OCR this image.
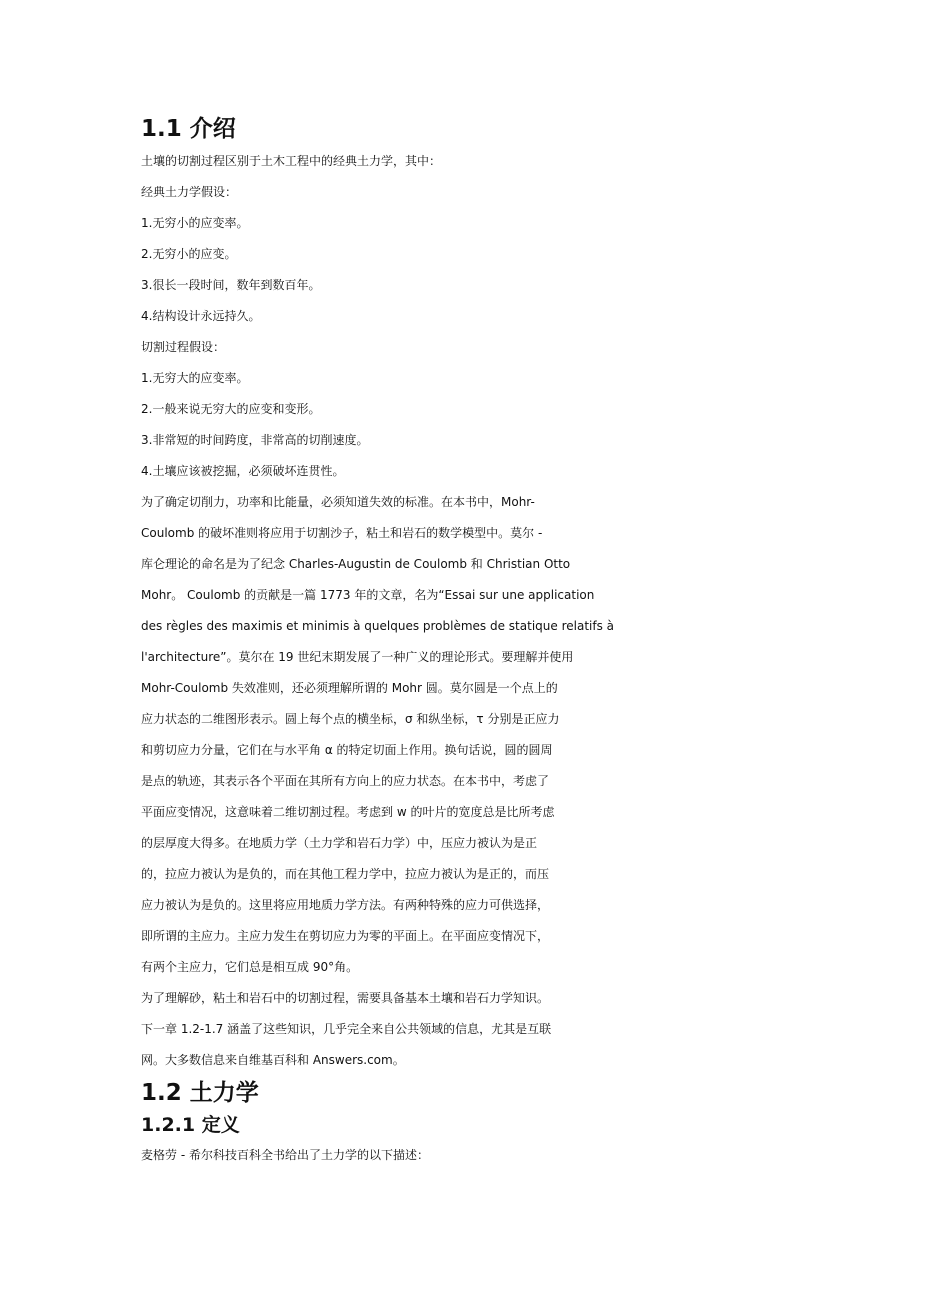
1.1 介绍

土壤的切割过程区别于土木工程中的经典土力学，其中：

经典土力学假设：

1.无穷小的应变率。

2.无穷小的应变。

3.很长一段时间，数年到数百年。

4.结构设计永远持久。

切割过程假设：

1.无穷大的应变率。

2.一般来说无穷大的应变和变形。

3.非常短的时间跨度，非常高的切削速度。

4.土壤应该被挖掘，必须破坏连贯性。

为了确定切削力，功率和比能量，必须知道失效的标准。在本书中，Mohr-

Coulomb 的破坏准则将应用于切割沙子，粘土和岩石的数学模型中。莫尔 -

库仑理论的命名是为了纪念 Charles-Augustin de Coulomb 和 Christian Otto

Mohr。 Coulomb 的贡献是一篇 1773 年的文章，名为“Essai sur une application

des règles des maximis et minimis à quelques problèmes de statique relatifs à

l'architecture”。莫尔在 19 世纪末期发展了一种广义的理论形式。要理解并使用

Mohr-Coulomb 失效准则，还必须理解所谓的 Mohr 圆。莫尔圆是一个点上的

应力状态的二维图形表示。圆上每个点的横坐标，σ 和纵坐标，τ 分别是正应力

和剪切应力分量，它们在与水平角 α 的特定切面上作用。换句话说，圆的圆周

是点的轨迹，其表示各个平面在其所有方向上的应力状态。在本书中，考虑了

平面应变情况，这意味着二维切割过程。考虑到 w 的叶片的宽度总是比所考虑

的层厚度大得多。在地质力学（土力学和岩石力学）中，压应力被认为是正

的，拉应力被认为是负的，而在其他工程力学中，拉应力被认为是正的，而压

应力被认为是负的。这里将应用地质力学方法。有两种特殊的应力可供选择，

即所谓的主应力。主应力发生在剪切应力为零的平面上。在平面应变情况下，

有两个主应力，它们总是相互成 90°角。

为了理解砂，粘土和岩石中的切割过程，需要具备基本土壤和岩石力学知识。

下一章 1.2-1.7 涵盖了这些知识，几乎完全来自公共领域的信息，尤其是互联

网。大多数信息来自维基百科和 Answers.com。

1.2 土力学
1.2.1 定义

麦格劳 - 希尔科技百科全书给出了土力学的以下描述：
